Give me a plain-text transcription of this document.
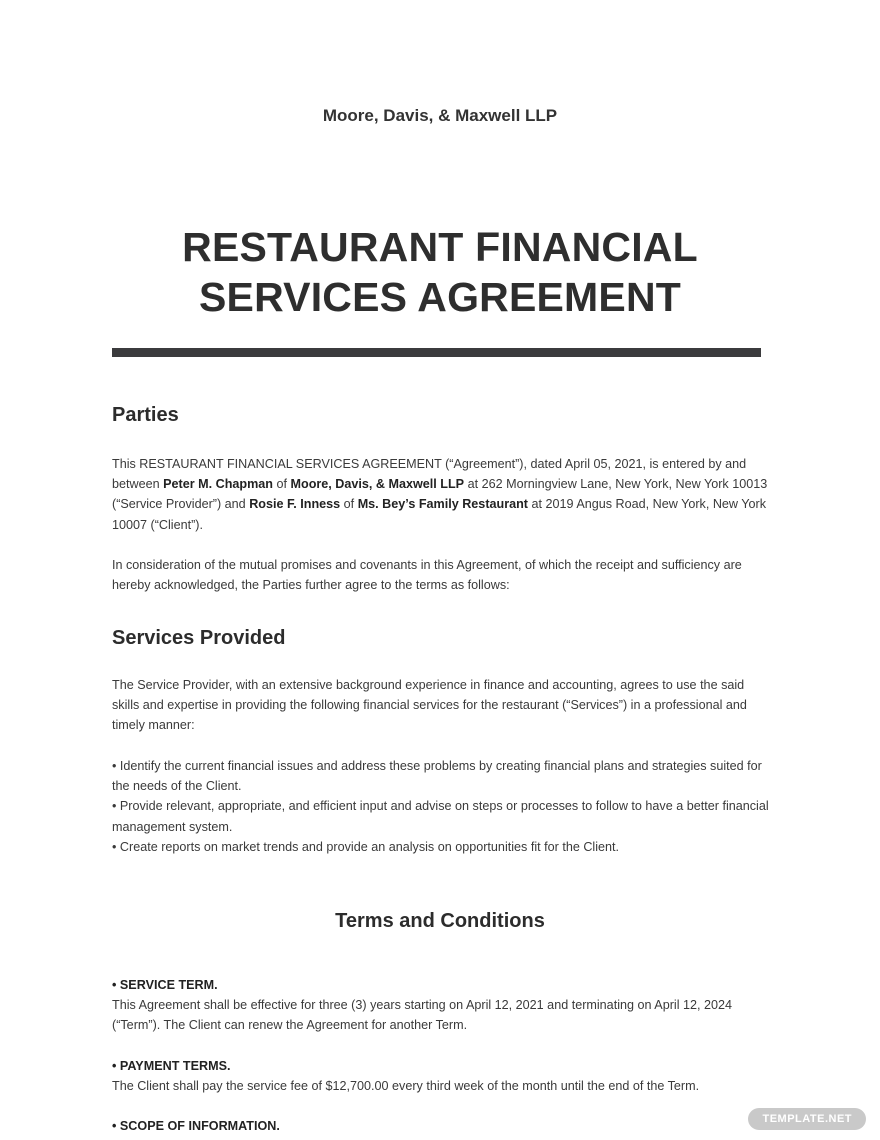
Moore, Davis, & Maxwell LLP
RESTAURANT FINANCIAL
SERVICES AGREEMENT
Parties

This RESTAURANT FINANCIAL SERVICES AGREEMENT (“Agreement”), dated April 05, 2021, is entered by and between Peter M. Chapman of Moore, Davis, & Maxwell LLP at 262 Morningview Lane, New York, New York 10013 (“Service Provider”) and Rosie F. Inness of Ms. Bey’s Family Restaurant at 2019 Angus Road, New York, New York 10007 (“Client”).

In consideration of the mutual promises and covenants in this Agreement, of which the receipt and sufficiency are hereby acknowledged, the Parties further agree to the terms as follows:

Services Provided

The Service Provider, with an extensive background experience in finance and accounting, agrees to use the said skills and expertise in providing the following financial services for the restaurant (“Services”) in a professional and timely manner:

• Identify the current financial issues and address these problems by creating financial plans and strategies suited for the needs of the Client.
• Provide relevant, appropriate, and efficient input and advise on steps or processes to follow to have a better financial management system.
• Create reports on market trends and provide an analysis on opportunities fit for the Client.
Terms and Conditions
• SERVICE TERM.
This Agreement shall be effective for three (3) years starting on April 12, 2021 and terminating on April 12, 2024 (“Term”). The Client can renew the Agreement for another Term.
• PAYMENT TERMS.
The Client shall pay the service fee of $12,700.00 every third week of the month until the end of the Term.
• SCOPE OF INFORMATION.	TEMPLATE.NET
